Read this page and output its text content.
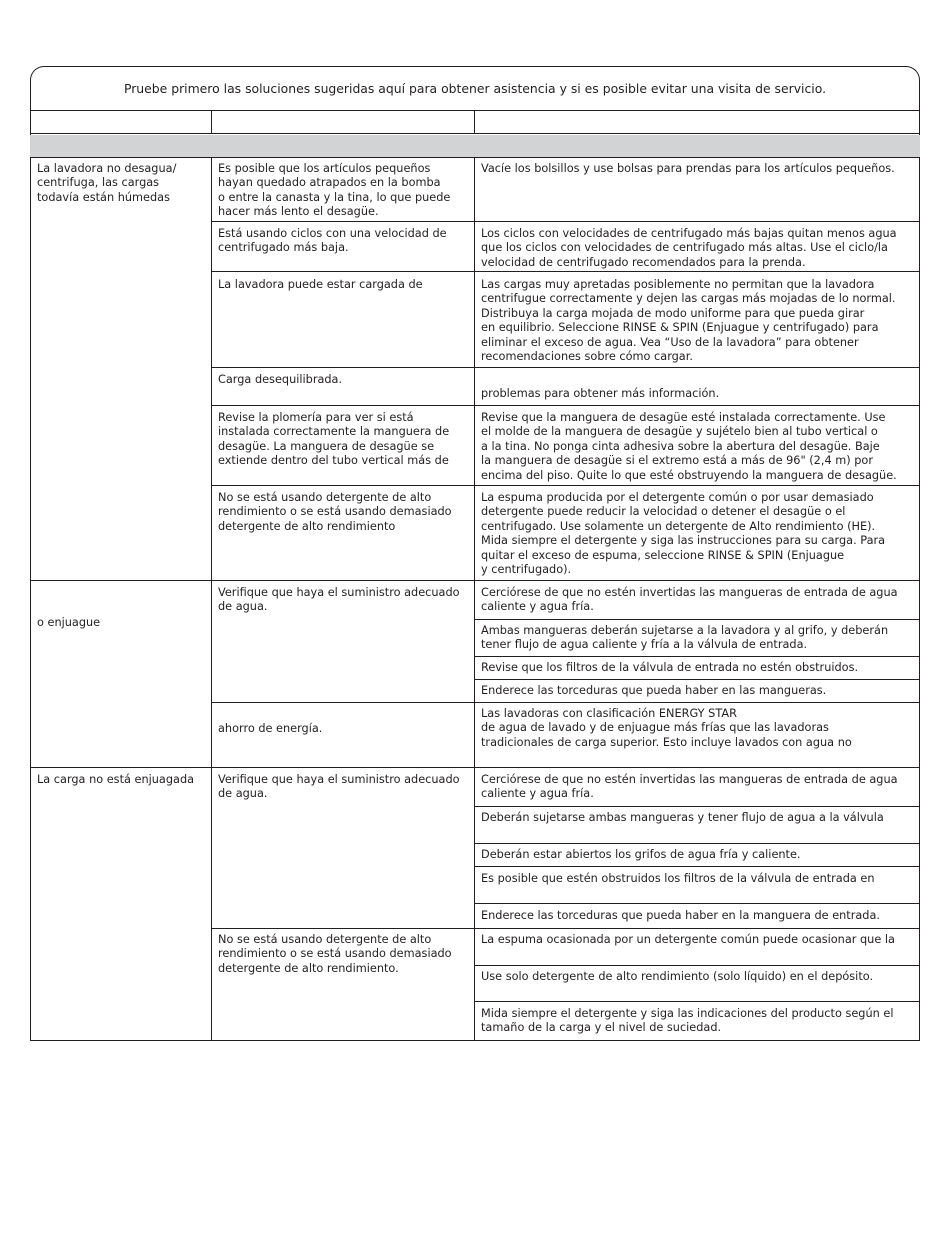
Pruebe primero las soluciones sugeridas aquí para obtener asistencia y si es posible evitar una visita de servicio.
La lavadora no desagua/
centrifuga, las cargas
todavía están húmedas
Es posible que los artículos pequeños
hayan quedado atrapados en la bomba
o entre la canasta y la tina, lo que puede
hacer más lento el desagüe.
Vacíe los bolsillos y use bolsas para prendas para los artículos pequeños.
Está usando ciclos con una velocidad de
centrifugado más baja.
Los ciclos con velocidades de centrifugado más bajas quitan menos agua
que los ciclos con velocidades de centrifugado más altas. Use el ciclo/la
velocidad de centrifugado recomendados para la prenda.
La lavadora puede estar cargada de	Las cargas muy apretadas posiblemente no permitan que la lavadora
centrifugue correctamente y dejen las cargas más mojadas de lo normal.
Distribuya la carga mojada de modo uniforme para que pueda girar
en equilibrio. Seleccione RINSE & SPIN (Enjuague y centrifugado) para
eliminar el exceso de agua. Vea “Uso de la lavadora” para obtener
recomendaciones sobre cómo cargar.
Carga desequilibrada.
problemas para obtener más información.
Revise la plomería para ver si está
instalada correctamente la manguera de
desagüe. La manguera de desagüe se
extiende dentro del tubo vertical más de
Revise que la manguera de desagüe esté instalada correctamente. Use
el molde de la manguera de desagüe y sujételo bien al tubo vertical o
a la tina. No ponga cinta adhesiva sobre la abertura del desagüe. Baje
la manguera de desagüe si el extremo está a más de 96" (2,4 m) por
encima del piso. Quite lo que esté obstruyendo la manguera de desagüe.
No se está usando detergente de alto
rendimiento o se está usando demasiado
detergente de alto rendimiento
La espuma producida por el detergente común o por usar demasiado
detergente puede reducir la velocidad o detener el desagüe o el
centrifugado. Use solamente un detergente de Alto rendimiento (HE).
Mida siempre el detergente y siga las instrucciones para su carga. Para
quitar el exceso de espuma, seleccione RINSE & SPIN (Enjuague
y centrifugado).
o enjuague
Verifique que haya el suministro adecuado
de agua.
Cerciórese de que no estén invertidas las mangueras de entrada de agua
caliente y agua fría.
Ambas mangueras deberán sujetarse a la lavadora y al grifo, y deberán
tener flujo de agua caliente y fría a la válvula de entrada.
Revise que los filtros de la válvula de entrada no estén obstruidos.
Enderece las torceduras que pueda haber en las mangueras.
ahorro de energía.
Las lavadoras con clasificación ENERGY STAR
de agua de lavado y de enjuague más frías que las lavadoras
tradicionales de carga superior. Esto incluye lavados con agua no
La carga no está enjuagada	Verifique que haya el suministro adecuado
de agua.
Cerciórese de que no estén invertidas las mangueras de entrada de agua
caliente y agua fría.
Deberán sujetarse ambas mangueras y tener flujo de agua a la válvula
Deberán estar abiertos los grifos de agua fría y caliente.
Es posible que estén obstruidos los filtros de la válvula de entrada en
Enderece las torceduras que pueda haber en la manguera de entrada.
No se está usando detergente de alto
rendimiento o se está usando demasiado
detergente de alto rendimiento.
La espuma ocasionada por un detergente común puede ocasionar que la
Use solo detergente de alto rendimiento (solo líquido) en el depósito.
Mida siempre el detergente y siga las indicaciones del producto según el
tamaño de la carga y el nivel de suciedad.
